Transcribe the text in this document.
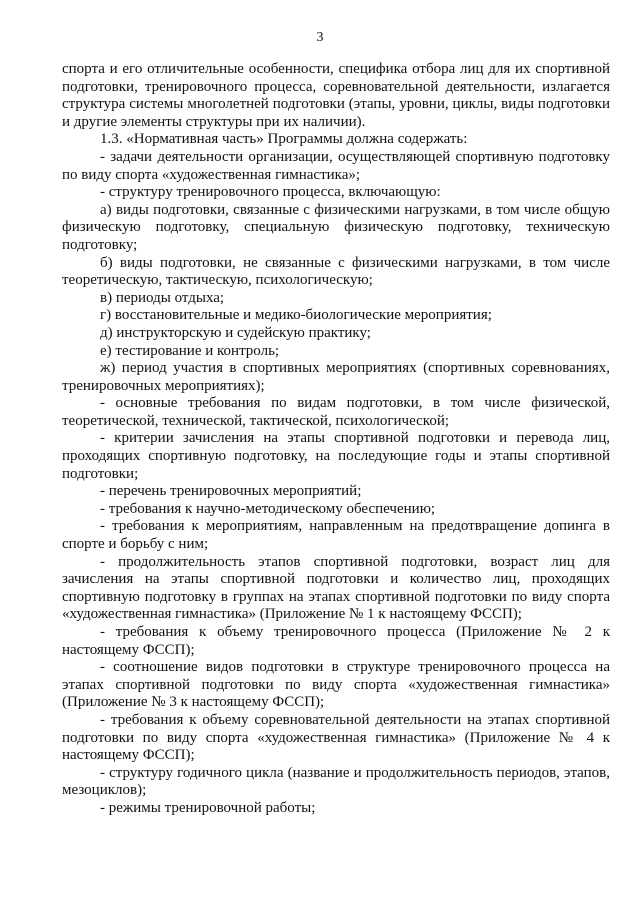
3

спорта и его отличительные особенности, специфика отбора лиц для их спортивной подготовки, тренировочного процесса, соревновательной деятельности, излагается структура системы многолетней подготовки (этапы, уровни, циклы, виды подготовки и другие элементы структуры при их наличии).

1.3. «Нормативная часть» Программы должна содержать:

- задачи деятельности организации, осуществляющей спортивную подготовку по виду спорта «художественная гимнастика»;

- структуру тренировочного процесса, включающую:

а) виды подготовки, связанные с физическими нагрузками, в том числе общую физическую подготовку, специальную физическую подготовку, техническую подготовку;

б) виды подготовки, не связанные с физическими нагрузками, в том числе теоретическую, тактическую, психологическую;

в) периоды отдыха;

г) восстановительные и медико-биологические мероприятия;

д) инструкторскую и судейскую практику;

е) тестирование и контроль;

ж) период участия в спортивных мероприятиях (спортивных соревнованиях, тренировочных мероприятиях);

- основные требования по видам подготовки, в том числе физической, теоретической, технической, тактической, психологической;

- критерии зачисления на этапы спортивной подготовки и перевода лиц, проходящих спортивную подготовку, на последующие годы и этапы спортивной подготовки;

- перечень тренировочных мероприятий;

- требования к научно-методическому обеспечению;

- требования к мероприятиям, направленным на предотвращение допинга в спорте и борьбу с ним;

- продолжительность этапов спортивной подготовки, возраст лиц для зачисления на этапы спортивной подготовки и количество лиц, проходящих спортивную подготовку в группах на этапах спортивной подготовки по виду спорта «художественная гимнастика» (Приложение № 1 к настоящему ФССП);

- требования к объему тренировочного процесса (Приложение № 2 к настоящему ФССП);

- соотношение видов подготовки в структуре тренировочного процесса на этапах спортивной подготовки по виду спорта «художественная гимнастика» (Приложение № 3 к настоящему ФССП);

- требования к объему соревновательной деятельности на этапах спортивной подготовки по виду спорта «художественная гимнастика» (Приложение № 4 к настоящему ФССП);

- структуру годичного цикла (название и продолжительность периодов, этапов, мезоциклов);

- режимы тренировочной работы;
